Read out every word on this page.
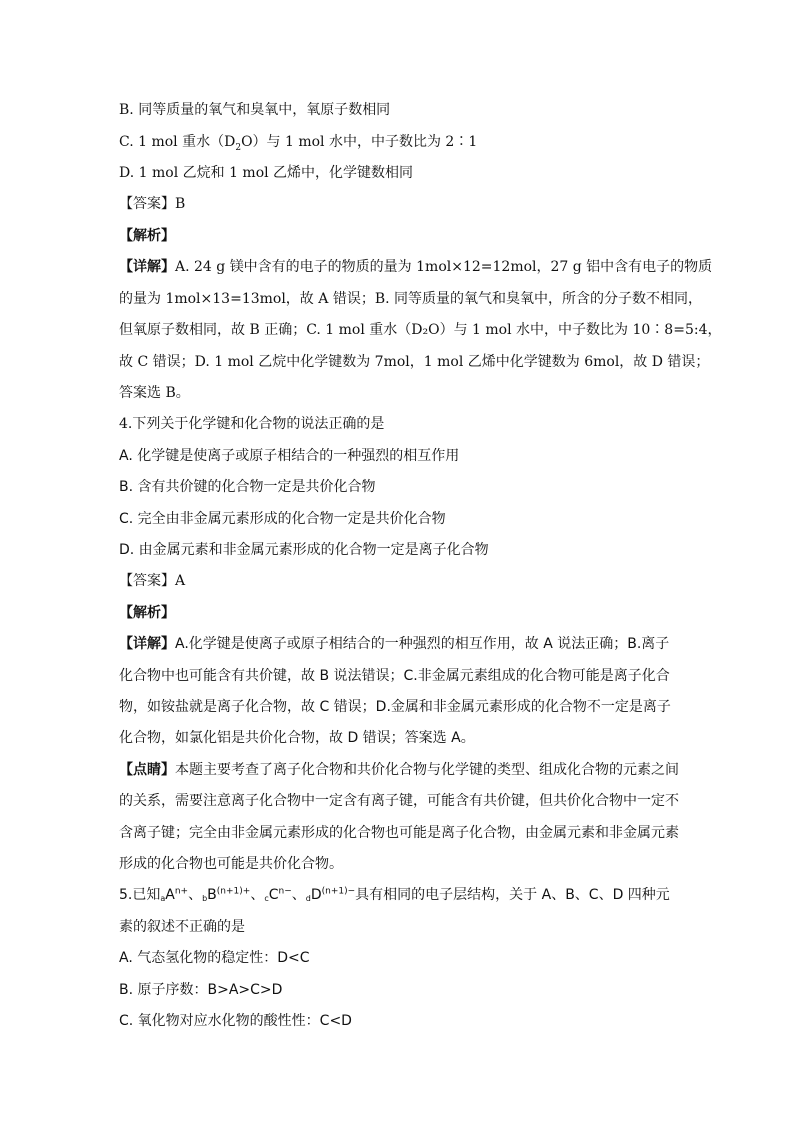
B. 同等质量的氧气和臭氧中，氧原子数相同
C. 1 mol 重水$(D_2O)$与 1 mol 水中，中子数比为 2∶1
D. 1 mol 乙烷和 1 mol 乙烯中，化学键数相同
【答案】B
【解析】
【详解】A. 24 g 镁中含有的电子的物质的量为 1mol×12=12mol，27 g 铝中含有电子的物质
的量为 1mol×13=13mol，故 A 错误；B. 同等质量的氧气和臭氧中，所含的分子数不相同，
但氧原子数相同，故 B 正确；C. 1 mol 重水（D₂O）与 1 mol 水中，中子数比为 10∶8=5:4，
故 C 错误；D. 1 mol 乙烷中化学键数为 7mol，1 mol 乙烯中化学键数为 6mol，故 D 错误；
答案选 B。
4.下列关于化学键和化合物的说法正确的是
A. 化学键是使离子或原子相结合的一种强烈的相互作用
B. 含有共价键的化合物一定是共价化合物
C. 完全由非金属元素形成的化合物一定是共价化合物
D. 由金属元素和非金属元素形成的化合物一定是离子化合物
【答案】A
【解析】
【详解】A.化学键是使离子或原子相结合的一种强烈的相互作用，故 A 说法正确；B.离子
化合物中也可能含有共价键，故 B 说法错误；C.非金属元素组成的化合物可能是离子化合
物，如铵盐就是离子化合物，故 C 错误；D.金属和非金属元素形成的化合物不一定是离子
化合物，如氯化铝是共价化合物，故 D 错误；答案选 A。
【点睛】本题主要考查了离子化合物和共价化合物与化学键的类型、组成化合物的元素之间
的关系，需要注意离子化合物中一定含有离子键，可能含有共价键，但共价化合物中一定不
含离子键；完全由非金属元素形成的化合物也可能是离子化合物，由金属元素和非金属元素
形成的化合物也可能是共价化合物。
5.已知$aA^{n+}$、$bB^{(n+1)+}$、$cC^{n-}$、$dD^{(n+1)-}$具有相同的电子层结构，关于 A、B、C、D 四种元
素的叙述不正确的是
A. 气态氢化物的稳定性：D<C
B. 原子序数：B>A>C>D
C. 氧化物对应水化物的酸性性：C<D
